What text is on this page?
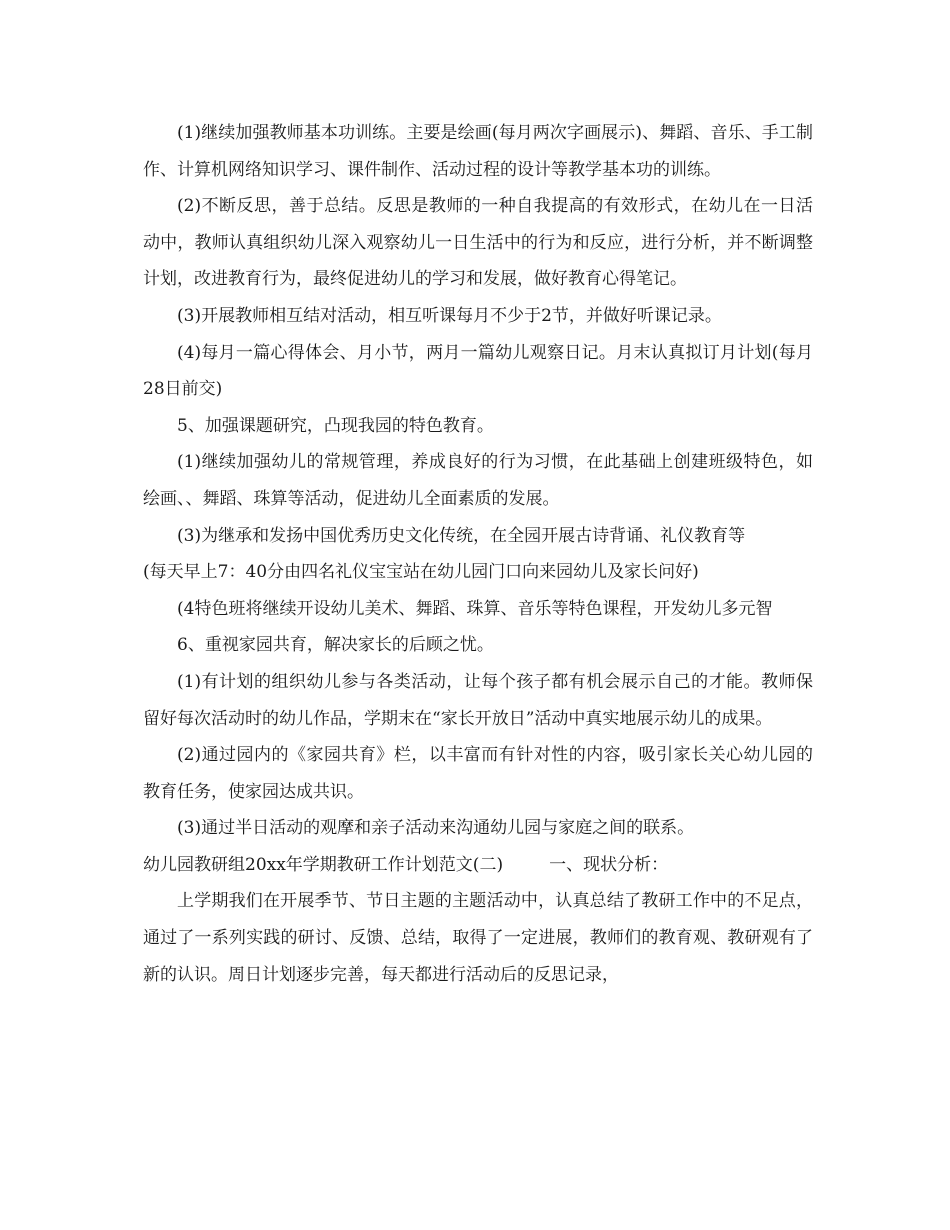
(1)继续加强教师基本功训练。主要是绘画(每月两次字画展示)、舞蹈、音乐、手工制作、计算机网络知识学习、课件制作、活动过程的设计等教学基本功的训练。

(2)不断反思，善于总结。反思是教师的一种自我提高的有效形式，在幼儿在一日活动中，教师认真组织幼儿深入观察幼儿一日生活中的行为和反应，进行分析，并不断调整计划，改进教育行为，最终促进幼儿的学习和发展，做好教育心得笔记。

(3)开展教师相互结对活动，相互听课每月不少于2节，并做好听课记录。

(4)每月一篇心得体会、月小节，两月一篇幼儿观察日记。月末认真拟订月计划(每月28日前交)

5、加强课题研究，凸现我园的特色教育。

(1)继续加强幼儿的常规管理，养成良好的行为习惯，在此基础上创建班级特色，如绘画、、舞蹈、珠算等活动，促进幼儿全面素质的发展。

(3)为继承和发扬中国优秀历史文化传统，在全园开展古诗背诵、礼仪教育等

(每天早上7：40分由四名礼仪宝宝站在幼儿园门口向来园幼儿及家长问好)

(4特色班将继续开设幼儿美术、舞蹈、珠算、音乐等特色课程，开发幼儿多元智

6、重视家园共育，解决家长的后顾之忧。

(1)有计划的组织幼儿参与各类活动，让每个孩子都有机会展示自己的才能。教师保留好每次活动时的幼儿作品，学期末在“家长开放日”活动中真实地展示幼儿的成果。

(2)通过园内的《家园共育》栏，以丰富而有针对性的内容，吸引家长关心幼儿园的教育任务，使家园达成共识。

(3)通过半日活动的观摩和亲子活动来沟通幼儿园与家庭之间的联系。

幼儿园教研组20xx年学期教研工作计划范文(二)	一、现状分析：

上学期我们在开展季节、节日主题的主题活动中，认真总结了教研工作中的不足点，通过了一系列实践的研讨、反馈、总结，取得了一定进展，教师们的教育观、教研观有了新的认识。周日计划逐步完善，每天都进行活动后的反思记录，
